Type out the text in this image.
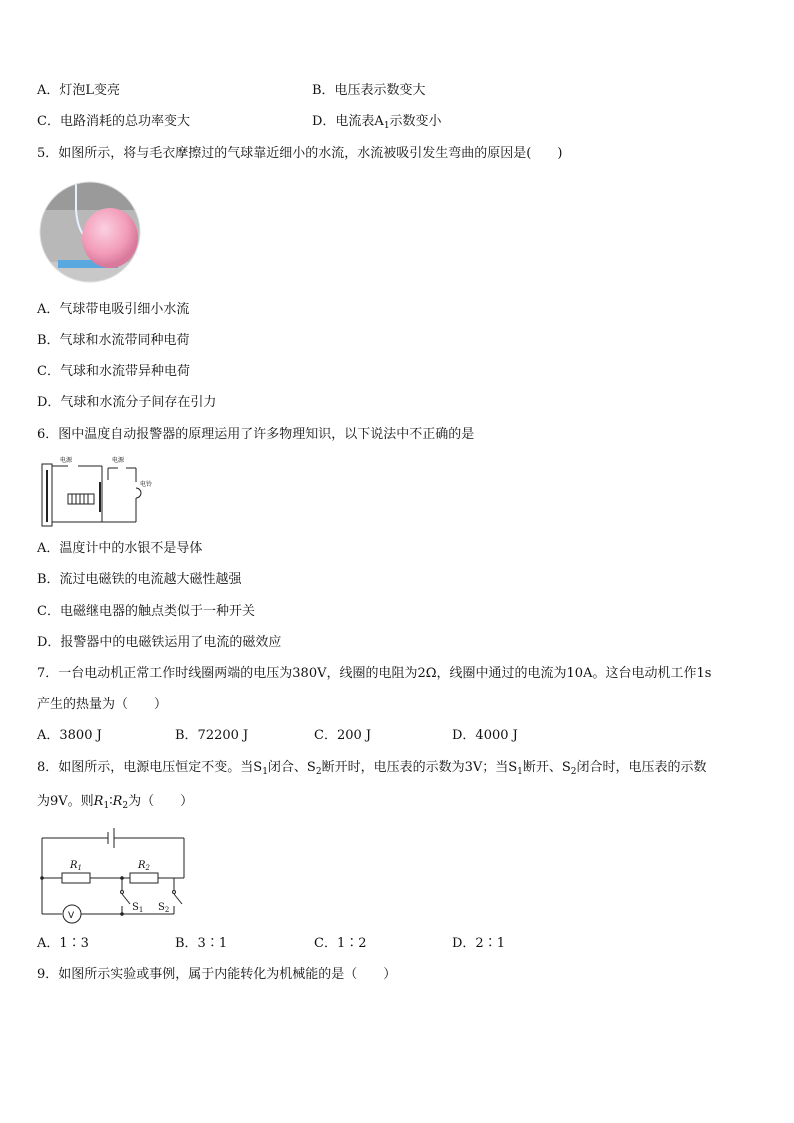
A．灯泡L变亮	B．电压表示数变大
C．电路消耗的总功率变大	D．电流表$A_1$示数变小
5．如图所示，将与毛衣摩擦过的气球靠近细小的水流，水流被吸引发生弯曲的原因是(　　)
A．气球带电吸引细小水流
B．气球和水流带同种电荷
C．气球和水流带异种电荷
D．气球和水流分子间存在引力
6．图中温度自动报警器的原理运用了许多物理知识，以下说法中不正确的是
电源	电源
电铃
A．温度计中的水银不是导体
B．流过电磁铁的电流越大磁性越强
C．电磁继电器的触点类似于一种开关
D．报警器中的电磁铁运用了电流的磁效应
7．一台电动机正常工作时线圈两端的电压为380V，线圈的电阻为2Ω，线圈中通过的电流为10A。这台电动机工作1s
产生的热量为（　　）
A．3800 J	B．72200 J	C．200 J	D．4000 J
8．如图所示，电源电压恒定不变。当$S_1$闭合、$S_2$断开时，电压表的示数为3V；当$S_1$断开、$S_2$闭合时，电压表的示数
为9V。则$R_1∶R_2$为（　　）
$R_1$	$R_2$
$S_1$ $S_2$
V
A．1∶3	B．3∶1	C．1∶2	D．2∶1
9．如图所示实验或事例，属于内能转化为机械能的是（　　）
